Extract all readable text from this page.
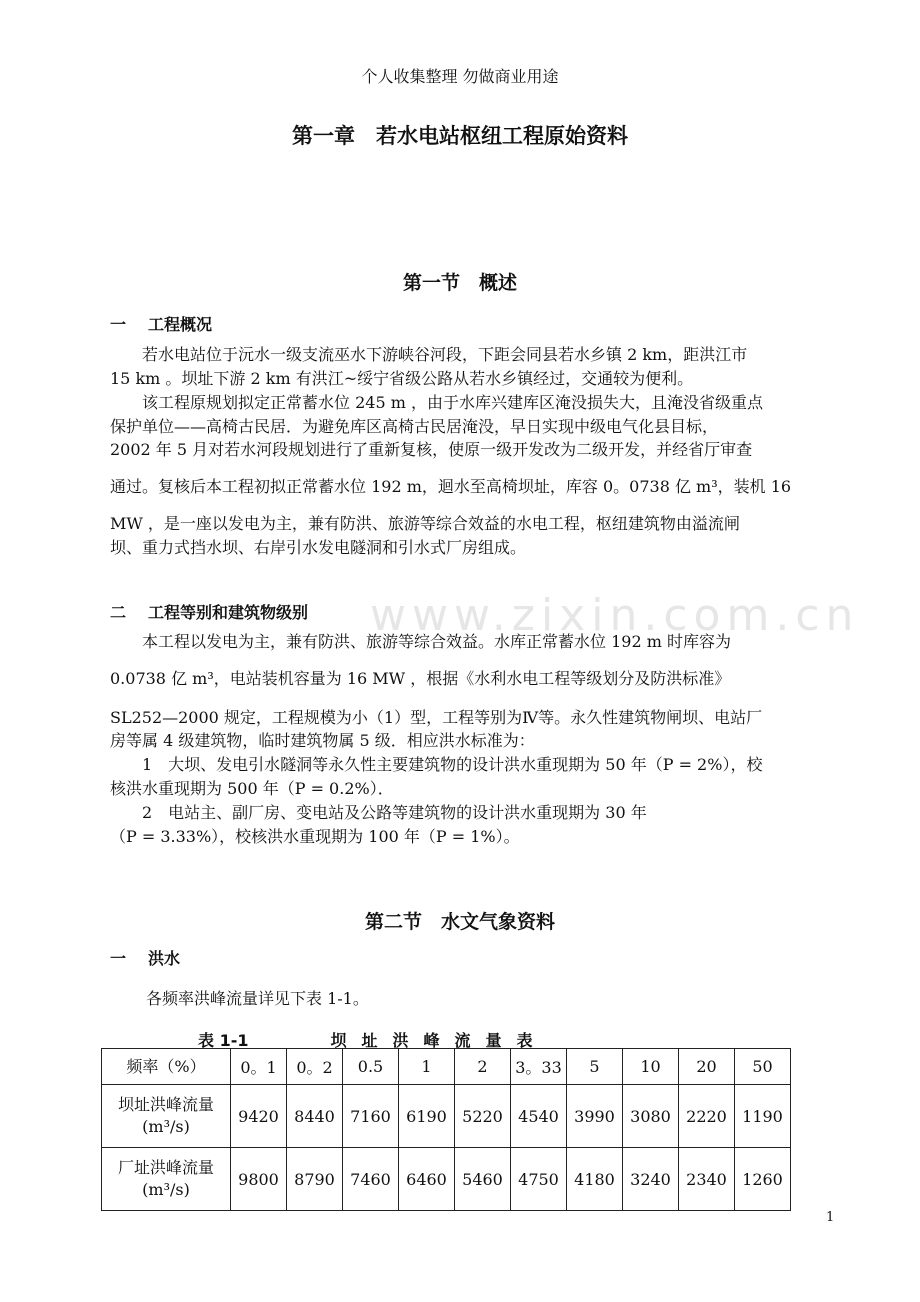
个人收集整理 勿做商业用途
第一章　若水电站枢纽工程原始资料
www.zixin.com.cn
第一节　概述
一 工程概况
　　若水电站位于沅水一级支流巫水下游峡谷河段，下距会同县若水乡镇 2 km，距洪江市
15 km 。坝址下游 2 km 有洪江~绥宁省级公路从若水乡镇经过，交通较为便利。
　　该工程原规划拟定正常蓄水位 245 m ，由于水库兴建库区淹没损失大，且淹没省级重点
保护单位——高椅古民居．为避免库区高椅古民居淹没，早日实现中级电气化县目标，
2002 年 5 月对若水河段规划进行了重新复核，使原一级开发改为二级开发，并经省厅审查
通过。复核后本工程初拟正常蓄水位 192 m，迴水至高椅坝址，库容 0。0738 亿 m³，装机 16
MW ，是一座以发电为主，兼有防洪、旅游等综合效益的水电工程，枢纽建筑物由溢流闸
坝、重力式挡水坝、右岸引水发电隧洞和引水式厂房组成。
二 工程等别和建筑物级别
　　本工程以发电为主，兼有防洪、旅游等综合效益。水库正常蓄水位 192 m 时库容为
0.0738 亿 m³，电站装机容量为 16 MW ，根据《水利水电工程等级划分及防洪标准》
SL252—2000 规定，工程规模为小（1）型，工程等别为Ⅳ等。永久性建筑物闸坝、电站厂
房等属 4 级建筑物，临时建筑物属 5 级．相应洪水标准为：
　　1　大坝、发电引水隧洞等永久性主要建筑物的设计洪水重现期为 50 年（P = 2%），校
核洪水重现期为 500 年（P = 0.2%）．
　　2　电站主、副厂房、变电站及公路等建筑物的设计洪水重现期为 30 年
（P = 3.33%），校核洪水重现期为 100 年（P = 1%）。
第二节　水文气象资料
一 洪水
各频率洪峰流量详见下表 1-1。
表 1-1	坝址洪峰流量表
频率（%）	0。1	0。2	0.5	1	2	3。33	5	10	20	50

坝址洪峰流量
(m³/s)	9420	8440	7160	6190	5220	4540	3990	3080	2220	1190

厂址洪峰流量
(m³/s)	9800	8790	7460	6460	5460	4750	4180	3240	2340	1260
1
